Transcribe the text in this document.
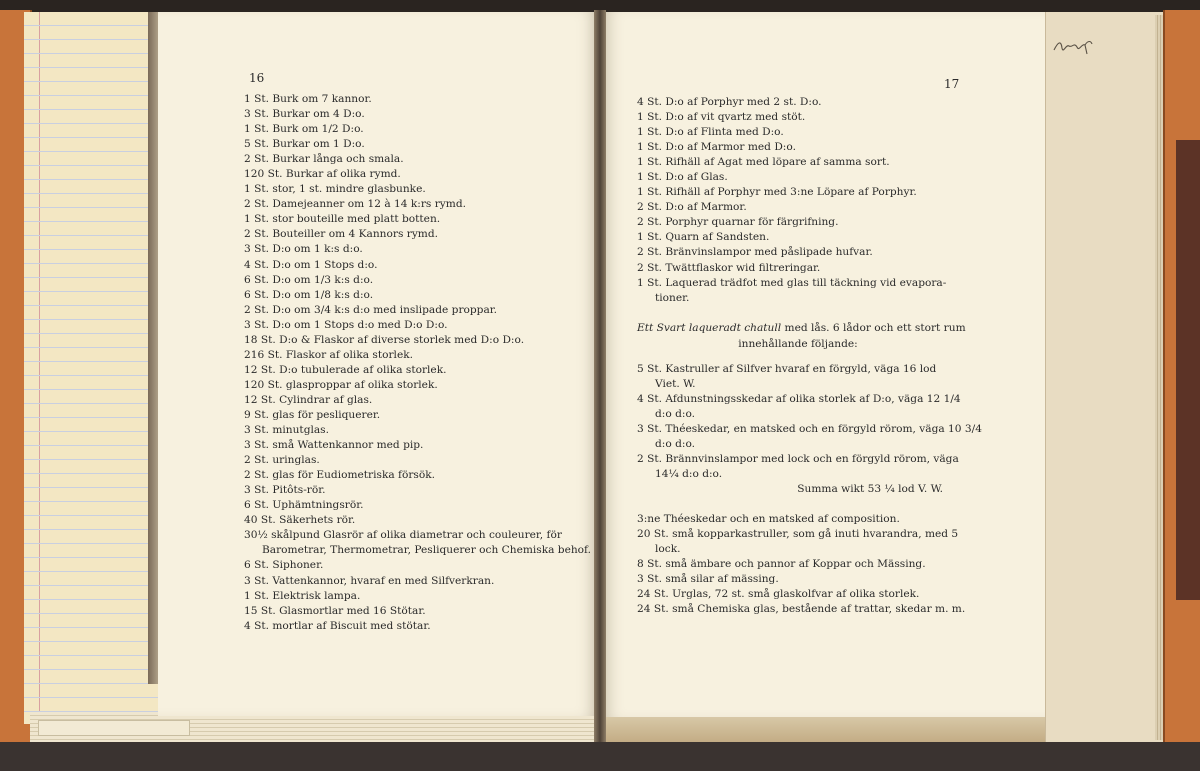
16
1 St. Burk om 7 kannor.
3 St. Burkar om 4 D:o.
1 St. Burk om 1/2 D:o.
5 St. Burkar om 1 D:o.
2 St. Burkar långa och smala.
120 St. Burkar af olika rymd.
1 St. stor, 1 st. mindre glasbunke.
2 St. Damejeanner om 12 à 14 k:rs rymd.
1 St. stor bouteille med platt botten.
2 St. Bouteiller om 4 Kannors rymd.
3 St. D:o om 1 k:s d:o.
4 St. D:o om 1 Stops d:o.
6 St. D:o om 1/3 k:s d:o.
6 St. D:o om 1/8 k:s d:o.
2 St. D:o om 3/4 k:s d:o med inslipade proppar.
3 St. D:o om 1 Stops d:o med D:o D:o.
18 St. D:o & Flaskor af diverse storlek med D:o D:o.
216 St. Flaskor af olika storlek.
12 St. D:o tubulerade af olika storlek.
120 St. glasproppar af olika storlek.
12 St. Cylindrar af glas.
9 St. glas för pesliquerer.
3 St. minutglas.
3 St. små Wattenkannor med pip.
2 St. uringlas.
2 St. glas för Eudiometriska försök.
3 St. Pitôts-rör.
6 St. Uphämtningsrör.
40 St. Säkerhets rör.
30½ skålpund Glasrör af olika diametrar och couleurer, för
Barometrar, Thermometrar, Pesliquerer och Chemiska behof.
6 St. Siphoner.
3 St. Vattenkannor, hvaraf en med Silfverkran.
1 St. Elektrisk lampa.
15 St. Glasmortlar med 16 Stötar.
4 St. mortlar af Biscuit med stötar.
17
4 St. D:o af Porphyr med 2 st. D:o.
1 St. D:o af vit qvartz med stöt.
1 St. D:o af Flinta med D:o.
1 St. D:o af Marmor med D:o.
1 St. Rifhäll af Agat med löpare af samma sort.
1 St. D:o af Glas.
1 St. Rifhäll af Porphyr med 3:ne Löpare af Porphyr.
2 St. D:o af Marmor.
2 St. Porphyr quarnar för färgrifning.
1 St. Quarn af Sandsten.
2 St. Bränvinslampor med påslipade hufvar.
2 St. Twättflaskor wid filtreringar.
1 St. Laquerad trädfot med glas till täckning vid evapora-
tioner.
Ett Svart laqueradt chatull med lås. 6 lådor och ett stort rum
innehållande följande:
5 St. Kastruller af Silfver hvaraf en förgyld, väga 16 lod
Viet. W.
4 St. Afdunstningsskedar af olika storlek af D:o, väga 12 1/4
d:o d:o.
3 St. Théeskedar, en matsked och en förgyld rörom, väga 10 3/4
d:o d:o.
2 St. Brännvinslampor med lock och en förgyld rörom, väga
14¼ d:o d:o.
Summa wikt 53 ¼ lod V. W.
3:ne Théeskedar och en matsked af composition.
20 St. små kopparkastruller, som gå inuti hvarandra, med 5
lock.
8 St. små ämbare och pannor af Koppar och Mässing.
3 St. små silar af mässing.
24 St. Urglas, 72 st. små glaskolfvar af olika storlek.
24 St. små Chemiska glas, bestående af trattar, skedar m. m.
